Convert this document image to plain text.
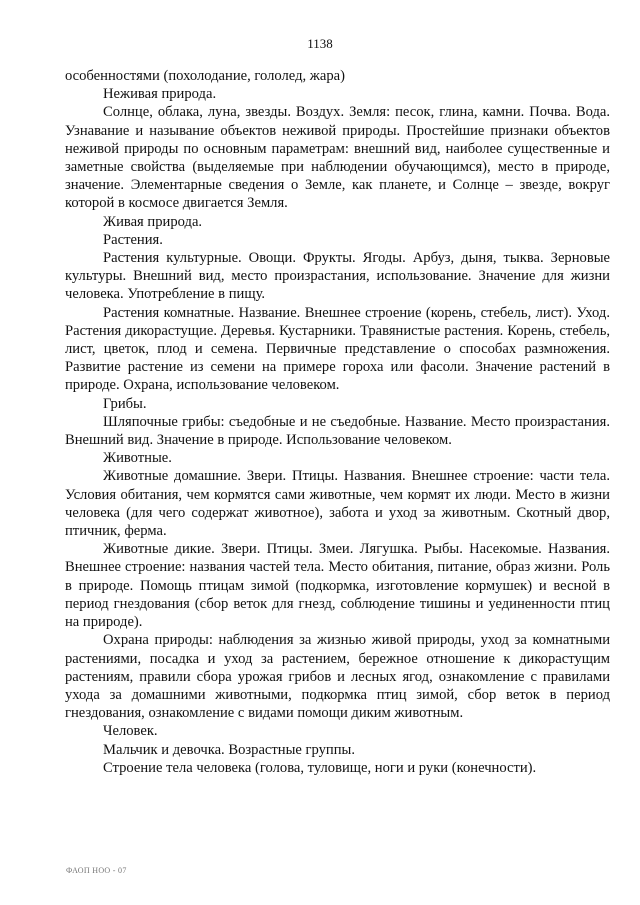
1138

особенностями (похолодание, гололед, жара)

Неживая природа.

Солнце, облака, луна, звезды. Воздух. Земля: песок, глина, камни. Почва. Вода. Узнавание и называние объектов неживой природы. Простейшие признаки объектов неживой природы по основным параметрам: внешний вид, наиболее существенные и заметные свойства (выделяемые при наблюдении обучающимся), место в природе, значение. Элементарные сведения о Земле, как планете, и Солнце – звезде, вокруг которой в космосе двигается Земля.

Живая природа.

Растения.

Растения культурные. Овощи. Фрукты. Ягоды. Арбуз, дыня, тыква. Зерновые культуры. Внешний вид, место произрастания, использование. Значение для жизни человека. Употребление в пищу.

Растения комнатные. Название. Внешнее строение (корень, стебель, лист). Уход. Растения дикорастущие. Деревья. Кустарники. Травянистые растения. Корень, стебель, лист, цветок, плод и семена. Первичные представление о способах размножения. Развитие растение из семени на примере гороха или фасоли. Значение растений в природе. Охрана, использование человеком.

Грибы.

Шляпочные грибы: съедобные и не съедобные. Название. Место произрастания. Внешний вид. Значение в природе. Использование человеком.

Животные.

Животные домашние. Звери. Птицы. Названия. Внешнее строение: части тела. Условия обитания, чем кормятся сами животные, чем кормят их люди. Место в жизни человека (для чего содержат животное), забота и уход за животным. Скотный двор, птичник, ферма.

Животные дикие. Звери. Птицы. Змеи. Лягушка. Рыбы. Насекомые. Названия. Внешнее строение: названия частей тела. Место обитания, питание, образ жизни. Роль в природе. Помощь птицам зимой (подкормка, изготовление кормушек) и весной в период гнездования (сбор веток для гнезд, соблюдение тишины и уединенности птиц на природе).

Охрана природы: наблюдения за жизнью живой природы, уход за комнатными растениями, посадка и уход за растением, бережное отношение к дикорастущим растениям, правили сбора урожая грибов и лесных ягод, ознакомление с правилами ухода за домашними животными, подкормка птиц зимой, сбор веток в период гнездования, ознакомление с видами помощи диким животным.

Человек.

Мальчик и девочка. Возрастные группы.

Строение тела человека (голова, туловище, ноги и руки (конечности).

ФАОП НОО - 07
